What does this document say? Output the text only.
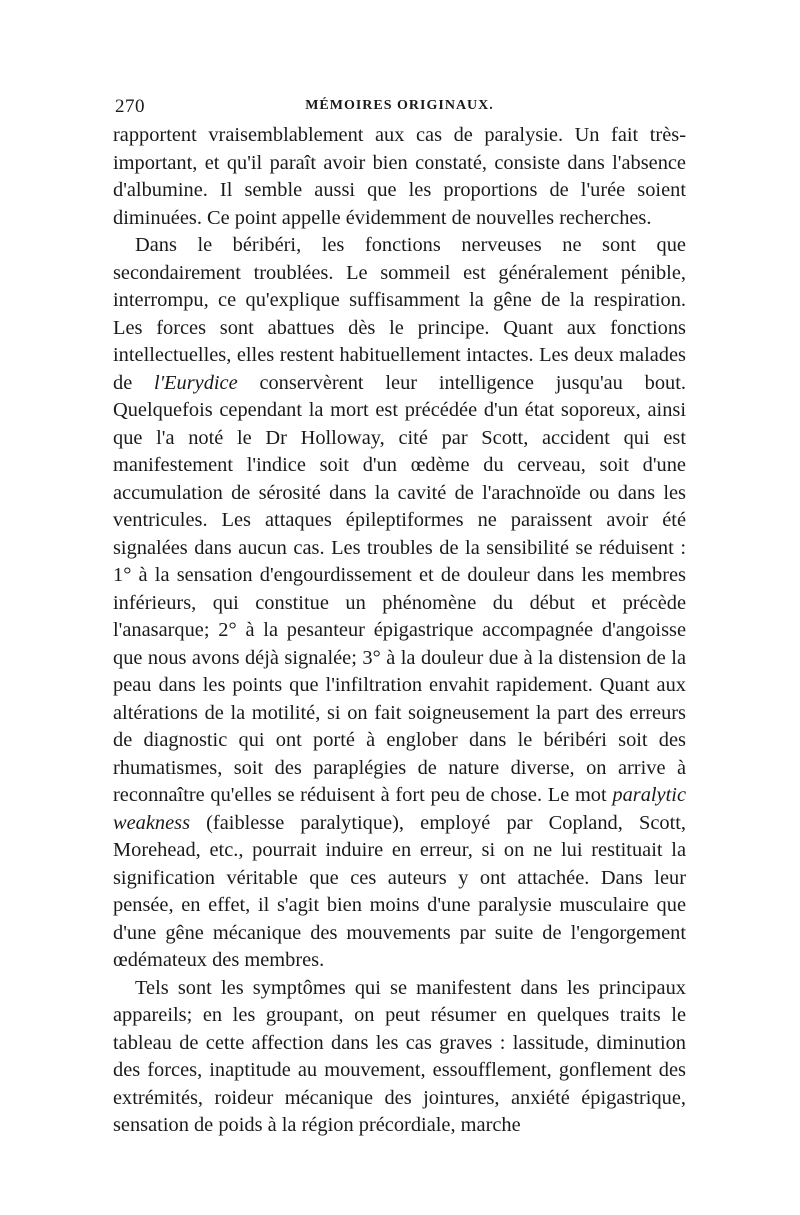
270	MÉMOIRES ORIGINAUX.

rapportent vraisemblablement aux cas de paralysie. Un fait très-important, et qu'il paraît avoir bien constaté, consiste dans l'absence d'albumine. Il semble aussi que les proportions de l'urée soient diminuées. Ce point appelle évidemment de nouvelles recherches.

Dans le béribéri, les fonctions nerveuses ne sont que secondairement troublées. Le sommeil est généralement pénible, interrompu, ce qu'explique suffisamment la gêne de la respiration. Les forces sont abattues dès le principe. Quant aux fonctions intellectuelles, elles restent habituellement intactes. Les deux malades de l'Eurydice conservèrent leur intelligence jusqu'au bout. Quelquefois cependant la mort est précédée d'un état soporeux, ainsi que l'a noté le Dr Holloway, cité par Scott, accident qui est manifestement l'indice soit d'un œdème du cerveau, soit d'une accumulation de sérosité dans la cavité de l'arachnoïde ou dans les ventricules. Les attaques épileptiformes ne paraissent avoir été signalées dans aucun cas. Les troubles de la sensibilité se réduisent : 1° à la sensation d'engourdissement et de douleur dans les membres inférieurs, qui constitue un phénomène du début et précède l'anasarque; 2° à la pesanteur épigastrique accompagnée d'angoisse que nous avons déjà signalée; 3° à la douleur due à la distension de la peau dans les points que l'infiltration envahit rapidement. Quant aux altérations de la motilité, si on fait soigneusement la part des erreurs de diagnostic qui ont porté à englober dans le béribéri soit des rhumatismes, soit des paraplégies de nature diverse, on arrive à reconnaître qu'elles se réduisent à fort peu de chose. Le mot paralytic weakness (faiblesse paralytique), employé par Copland, Scott, Morehead, etc., pourrait induire en erreur, si on ne lui restituait la signification véritable que ces auteurs y ont attachée. Dans leur pensée, en effet, il s'agit bien moins d'une paralysie musculaire que d'une gêne mécanique des mouvements par suite de l'engorgement œdémateux des membres.

Tels sont les symptômes qui se manifestent dans les principaux appareils; en les groupant, on peut résumer en quelques traits le tableau de cette affection dans les cas graves : lassitude, diminution des forces, inaptitude au mouvement, essoufflement, gonflement des extrémités, roideur mécanique des jointures, anxiété épigastrique, sensation de poids à la région précordiale, marche
